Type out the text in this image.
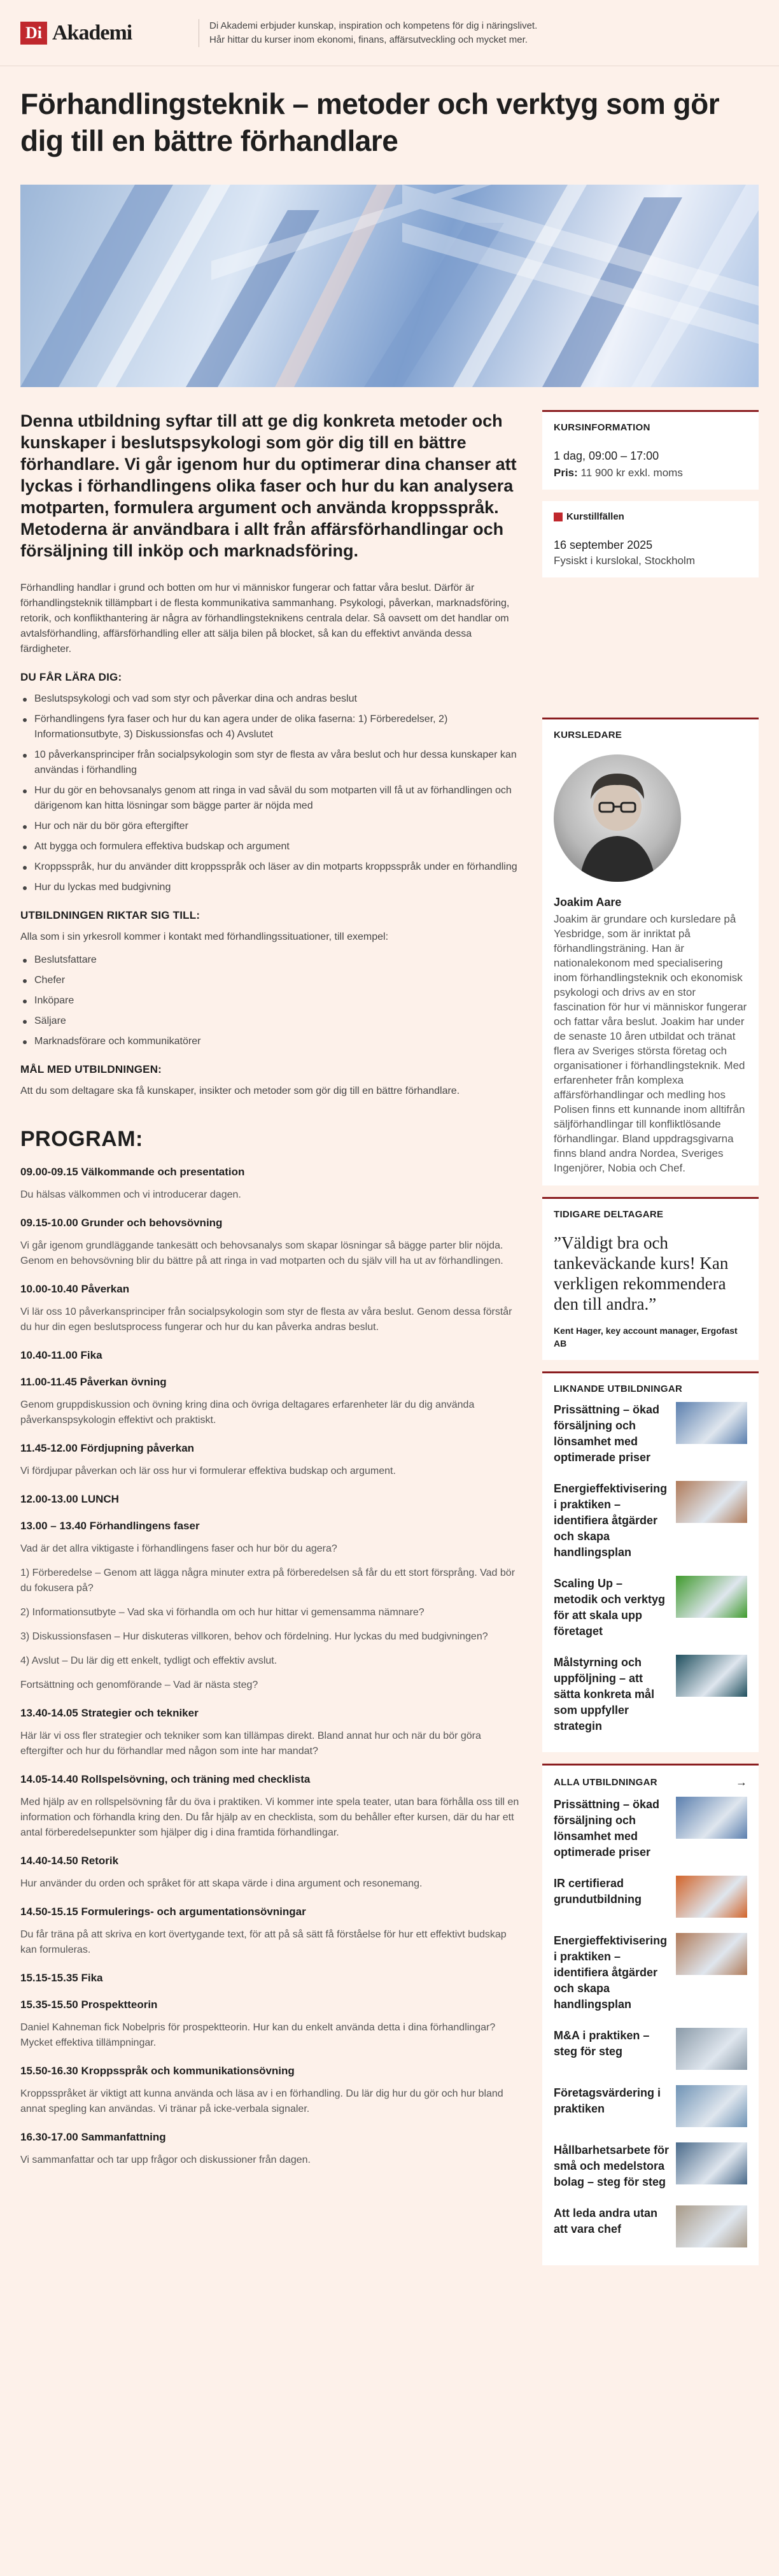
Di Akademi	Di Akademi erbjuder kunskap, inspiration och kompetens för dig i näringslivet. Hår hittar du kurser inom ekonomi, finans, affärsutveckling och mycket mer.
Förhandlingsteknik – metoder och verktyg som gör dig till en bättre förhandlare

Denna utbildning syftar till att ge dig konkreta metoder och kunskaper i beslutspsykologi som gör dig till en bättre förhandlare. Vi går igenom hur du optimerar dina chanser att lyckas i förhandlingens olika faser och hur du kan analysera motparten, formulera argument och använda kroppsspråk. Metoderna är användbara i allt från affärsförhandlingar och försäljning till inköp och marknadsföring.

Förhandling handlar i grund och botten om hur vi människor fungerar och fattar våra beslut. Därför är förhandlingsteknik tillämpbart i de flesta kommunikativa sammanhang. Psykologi, påverkan, marknadsföring, retorik, och konflikthantering är några av förhandlingsteknikens centrala delar. Så oavsett om det handlar om avtalsförhandling, affärsförhandling eller att sälja bilen på blocket, så kan du effektivt använda dessa färdigheter.

DU FÅR LÄRA DIG:
Beslutspsykologi och vad som styr och påverkar dina och andras beslut
Förhandlingens fyra faser och hur du kan agera under de olika faserna: 1) Förberedelser, 2) Informationsutbyte, 3) Diskussionsfas och 4) Avslutet
10 påverkansprinciper från socialpsykologin som styr de flesta av våra beslut och hur dessa kunskaper kan användas i förhandling
Hur du gör en behovsanalys genom att ringa in vad såväl du som motparten vill få ut av förhandlingen och därigenom kan hitta lösningar som bägge parter är nöjda med
Hur och när du bör göra eftergifter
Att bygga och formulera effektiva budskap och argument
Kroppsspråk, hur du använder ditt kroppsspråk och läser av din motparts kroppsspråk under en förhandling
Hur du lyckas med budgivning
UTBILDNINGEN RIKTAR SIG TILL:

Alla som i sin yrkesroll kommer i kontakt med förhandlingssituationer, till exempel:

Beslutsfattare
Chefer
Inköpare
Säljare
Marknadsförare och kommunikatörer
MÅL MED UTBILDNINGEN:

Att du som deltagare ska få kunskaper, insikter och metoder som gör dig till en bättre förhandlare.

PROGRAM:
09.00-09.15 Välkommande och presentation

Du hälsas välkommen och vi introducerar dagen.

09.15-10.00 Grunder och behovsövning

Vi går igenom grundläggande tankesätt och behovsanalys som skapar lösningar så bägge parter blir nöjda. Genom en behovsövning blir du bättre på att ringa in vad motparten och du själv vill ha ut av förhandlingen.

10.00-10.40 Påverkan

Vi lär oss 10 påverkansprinciper från socialpsykologin som styr de flesta av våra beslut. Genom dessa förstår du hur din egen beslutsprocess fungerar och hur du kan påverka andras beslut.

10.40-11.00 Fika
11.00-11.45 Påverkan övning

Genom gruppdiskussion och övning kring dina och övriga deltagares erfarenheter lär du dig använda påverkanspsykologin effektivt och praktiskt.

11.45-12.00 Fördjupning påverkan

Vi fördjupar påverkan och lär oss hur vi formulerar effektiva budskap och argument.

12.00-13.00 LUNCH
13.00 – 13.40 Förhandlingens faser

Vad är det allra viktigaste i förhandlingens faser och hur bör du agera?

1) Förberedelse – Genom att lägga några minuter extra på förberedelsen så får du ett stort försprång. Vad bör du fokusera på?

2) Informationsutbyte – Vad ska vi förhandla om och hur hittar vi gemensamma nämnare?

3) Diskussionsfasen – Hur diskuteras villkoren, behov och fördelning. Hur lyckas du med budgivningen?

4) Avslut – Du lär dig ett enkelt, tydligt och effektiv avslut.

Fortsättning och genomförande – Vad är nästa steg?

13.40-14.05 Strategier och tekniker

Här lär vi oss fler strategier och tekniker som kan tillämpas direkt. Bland annat hur och när du bör göra eftergifter och hur du förhandlar med någon som inte har mandat?

14.05-14.40 Rollspelsövning, och träning med checklista

Med hjälp av en rollspelsövning får du öva i praktiken. Vi kommer inte spela teater, utan bara förhålla oss till en information och förhandla kring den. Du får hjälp av en checklista, som du behåller efter kursen, där du har ett antal förberedelsepunkter som hjälper dig i dina framtida förhandlingar.

14.40-14.50 Retorik

Hur använder du orden och språket för att skapa värde i dina argument och resonemang.

14.50-15.15 Formulerings- och argumentationsövningar

Du får träna på att skriva en kort övertygande text, för att på så sätt få förståelse för hur ett effektivt budskap kan formuleras.

15.15-15.35 Fika
15.35-15.50 Prospektteorin

Daniel Kahneman fick Nobelpris för prospektteorin. Hur kan du enkelt använda detta i dina förhandlingar? Mycket effektiva tillämpningar.

15.50-16.30 Kroppsspråk och kommunikationsövning

Kroppsspråket är viktigt att kunna använda och läsa av i en förhandling. Du lär dig hur du gör och hur bland annat spegling kan användas. Vi tränar på icke-verbala signaler.

16.30-17.00 Sammanfattning

Vi sammanfattar och tar upp frågor och diskussioner från dagen.

KURSINFORMATION
1 dag, 09:00 – 17:00
Pris: 11 900 kr exkl. moms
Kurstillfällen
16 september 2025
Fysiskt i kurslokal, Stockholm
KURSLEDARE
Joakim Aare
Joakim är grundare och kursledare på Yesbridge, som är inriktat på förhandlingsträning. Han är nationalekonom med specialisering inom förhandlingsteknik och ekonomisk psykologi och drivs av en stor fascination för hur vi människor fungerar och fattar våra beslut. Joakim har under de senaste 10 åren utbildat och tränat flera av Sveriges största företag och organisationer i förhandlingsteknik. Med erfarenheter från komplexa affärsförhandlingar och medling hos Polisen finns ett kunnande inom alltifrån säljförhandlingar till konfliktlösande förhandlingar. Bland uppdragsgivarna finns bland andra Nordea, Sveriges Ingenjörer, Nobia och Chef.
TIDIGARE DELTAGARE
”Väldigt bra och tankeväckande kurs! Kan verkligen rekommendera den till andra.”
Kent Hager, key account manager, Ergofast AB
LIKNANDE UTBILDNINGAR
Prissättning – ökad försäljning och lönsamhet med optimerade priser
Energieffektivisering i praktiken – identifiera åtgärder och skapa handlingsplan
Scaling Up – metodik och verktyg för att skala upp företaget
Målstyrning och uppföljning – att sätta konkreta mål som uppfyller strategin
ALLA UTBILDNINGAR	→
Prissättning – ökad försäljning och lönsamhet med optimerade priser
IR certifierad grundutbildning
Energieffektivisering i praktiken – identifiera åtgärder och skapa handlingsplan
M&A i praktiken – steg för steg
Företagsvärdering i praktiken
Hållbarhetsarbete för små och medelstora bolag – steg för steg
Att leda andra utan att vara chef
